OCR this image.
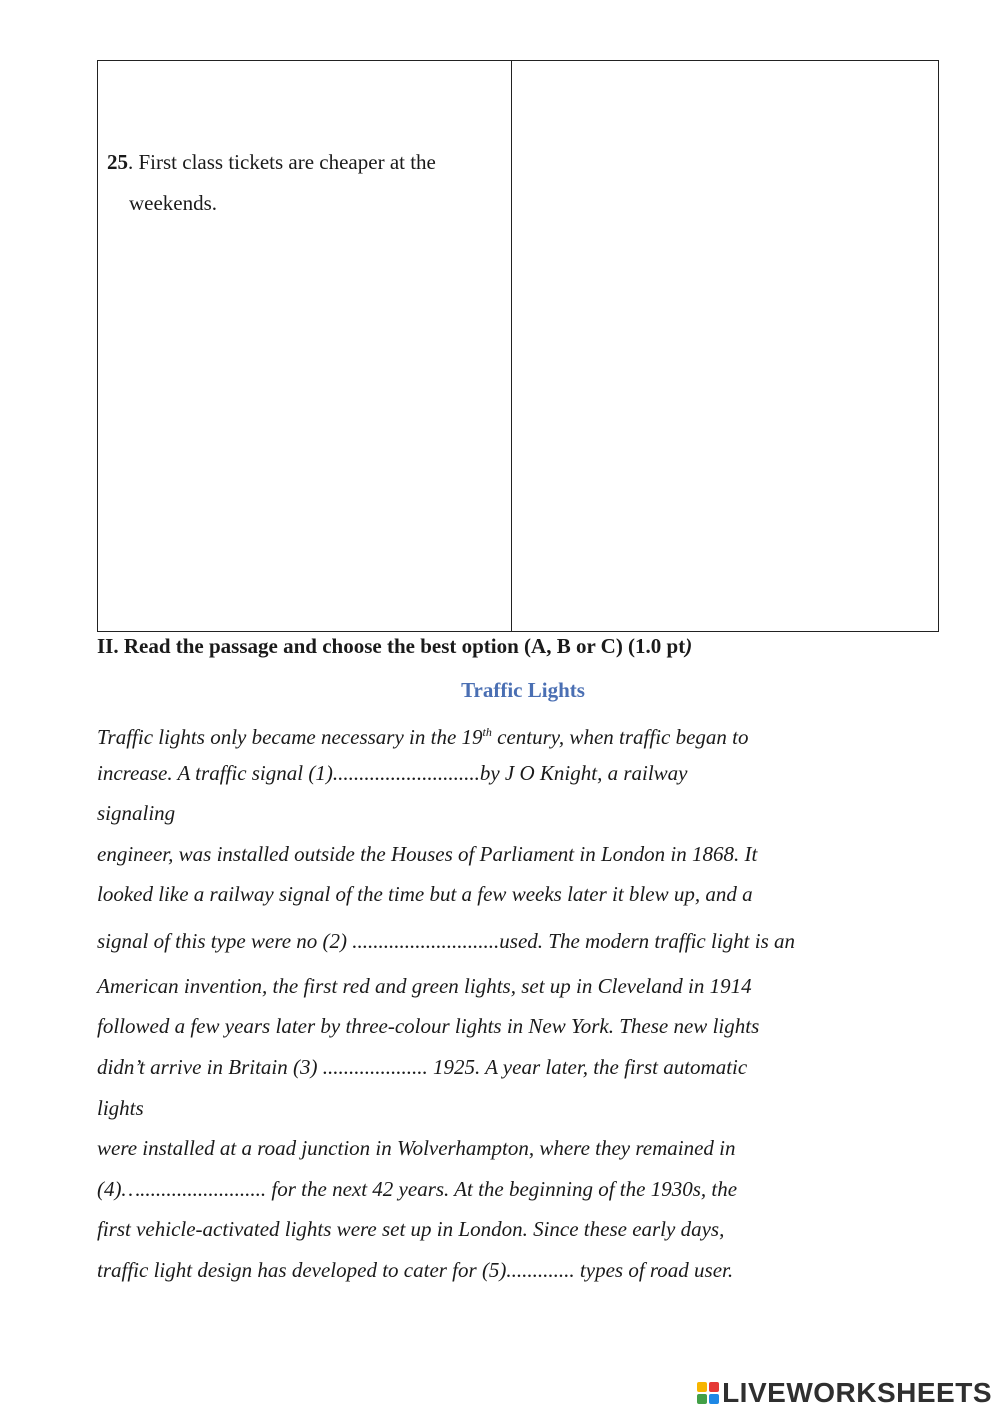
25. First class tickets are cheaper at the
weekends.
II. Read the passage and choose the best option (A, B or C) (1.0 pt)
Traffic Lights
Traffic lights only became necessary in the 19th century, when traffic began to
increase. A traffic signal (1)............................by J O Knight, a railway
signaling
engineer, was installed outside the Houses of Parliament in London in 1868. It
looked like a railway signal of the time but a few weeks later it blew up, and a
signal of this type were no (2) ............................used. The modern traffic light is an
American invention, the first red and green lights, set up in Cleveland in 1914
followed a few years later by three-colour lights in New York. These new lights
didn’t arrive in Britain (3) .................... 1925. A year later, the first automatic
lights
were installed at a road junction in Wolverhampton, where they remained in
(4)…........................ for the next 42 years. At the beginning of the 1930s, the
first vehicle-activated lights were set up in London. Since these early days,
traffic light design has developed to cater for (5)............. types of road user.
LIVEWORKSHEETS
